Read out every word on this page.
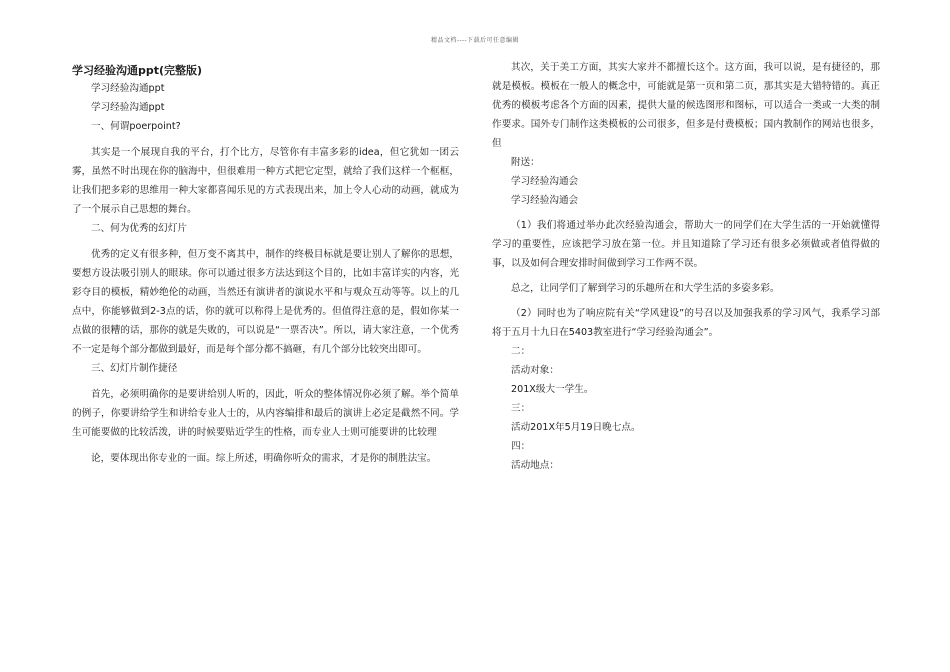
精品文档----下载后可任意编辑

学习经验沟通ppt(完整版)

学习经验沟通ppt

学习经验沟通ppt

一、何谓poerpoint?

其实是一个展现自我的平台，打个比方，尽管你有丰富多彩的idea，但它犹如一团云雾，虽然不时出现在你的脑海中，但很难用一种方式把它定型，就给了我们这样一个框框，让我们把多彩的思维用一种大家都喜闻乐见的方式表现出来，加上令人心动的动画，就成为了一个展示自己思想的舞台。

二、何为优秀的幻灯片

优秀的定义有很多种，但万变不离其中，制作的终极目标就是要让别人了解你的思想，要想方设法吸引别人的眼球。你可以通过很多方法达到这个目的，比如丰富详实的内容，光彩夺目的模板，精妙绝伦的动画，当然还有演讲者的演说水平和与观众互动等等。以上的几点中，你能够做到2-3点的话，你的就可以称得上是优秀的。但值得注意的是，假如你某一点做的很糟的话，那你的就是失败的，可以说是“一票否决”。所以，请大家注意，一个优秀不一定是每个部分都做到最好，而是每个部分都不搞砸，有几个部分比较突出即可。

三、幻灯片制作捷径

首先，必须明确你的是要讲给别人听的，因此，听众的整体情况你必须了解。举个简单的例子，你要讲给学生和讲给专业人士的，从内容编排和最后的演讲上必定是截然不同。学生可能要做的比较活泼，讲的时候要贴近学生的性格，而专业人士则可能要讲的比较理

论，要体现出你专业的一面。综上所述，明确你听众的需求，才是你的制胜法宝。

其次，关于美工方面，其实大家并不都擅长这个。这方面，我可以说，是有捷径的，那就是模板。模板在一般人的概念中，可能就是第一页和第二页，那其实是大错特错的。真正优秀的模板考虑各个方面的因素，提供大量的候选图形和图标，可以适合一类或一大类的制作要求。国外专门制作这类模板的公司很多，但多是付费模板；国内教制作的网站也很多，但

附送：

学习经验沟通会

学习经验沟通会

（1）我们将通过举办此次经验沟通会，帮助大一的同学们在大学生活的一开始就懂得学习的重要性，应该把学习放在第一位。并且知道除了学习还有很多必须做或者值得做的事，以及如何合理安排时间做到学习工作两不误。

总之，让同学们了解到学习的乐趣所在和大学生活的多姿多彩。

（2）同时也为了响应院有关“学风建设”的号召以及加强我系的学习风气，我系学习部将于五月十九日在5403教室进行“学习经验沟通会”。

二：

活动对象：

201X级大一学生。

三：

活动201X年5月19日晚七点。

四：

活动地点：
